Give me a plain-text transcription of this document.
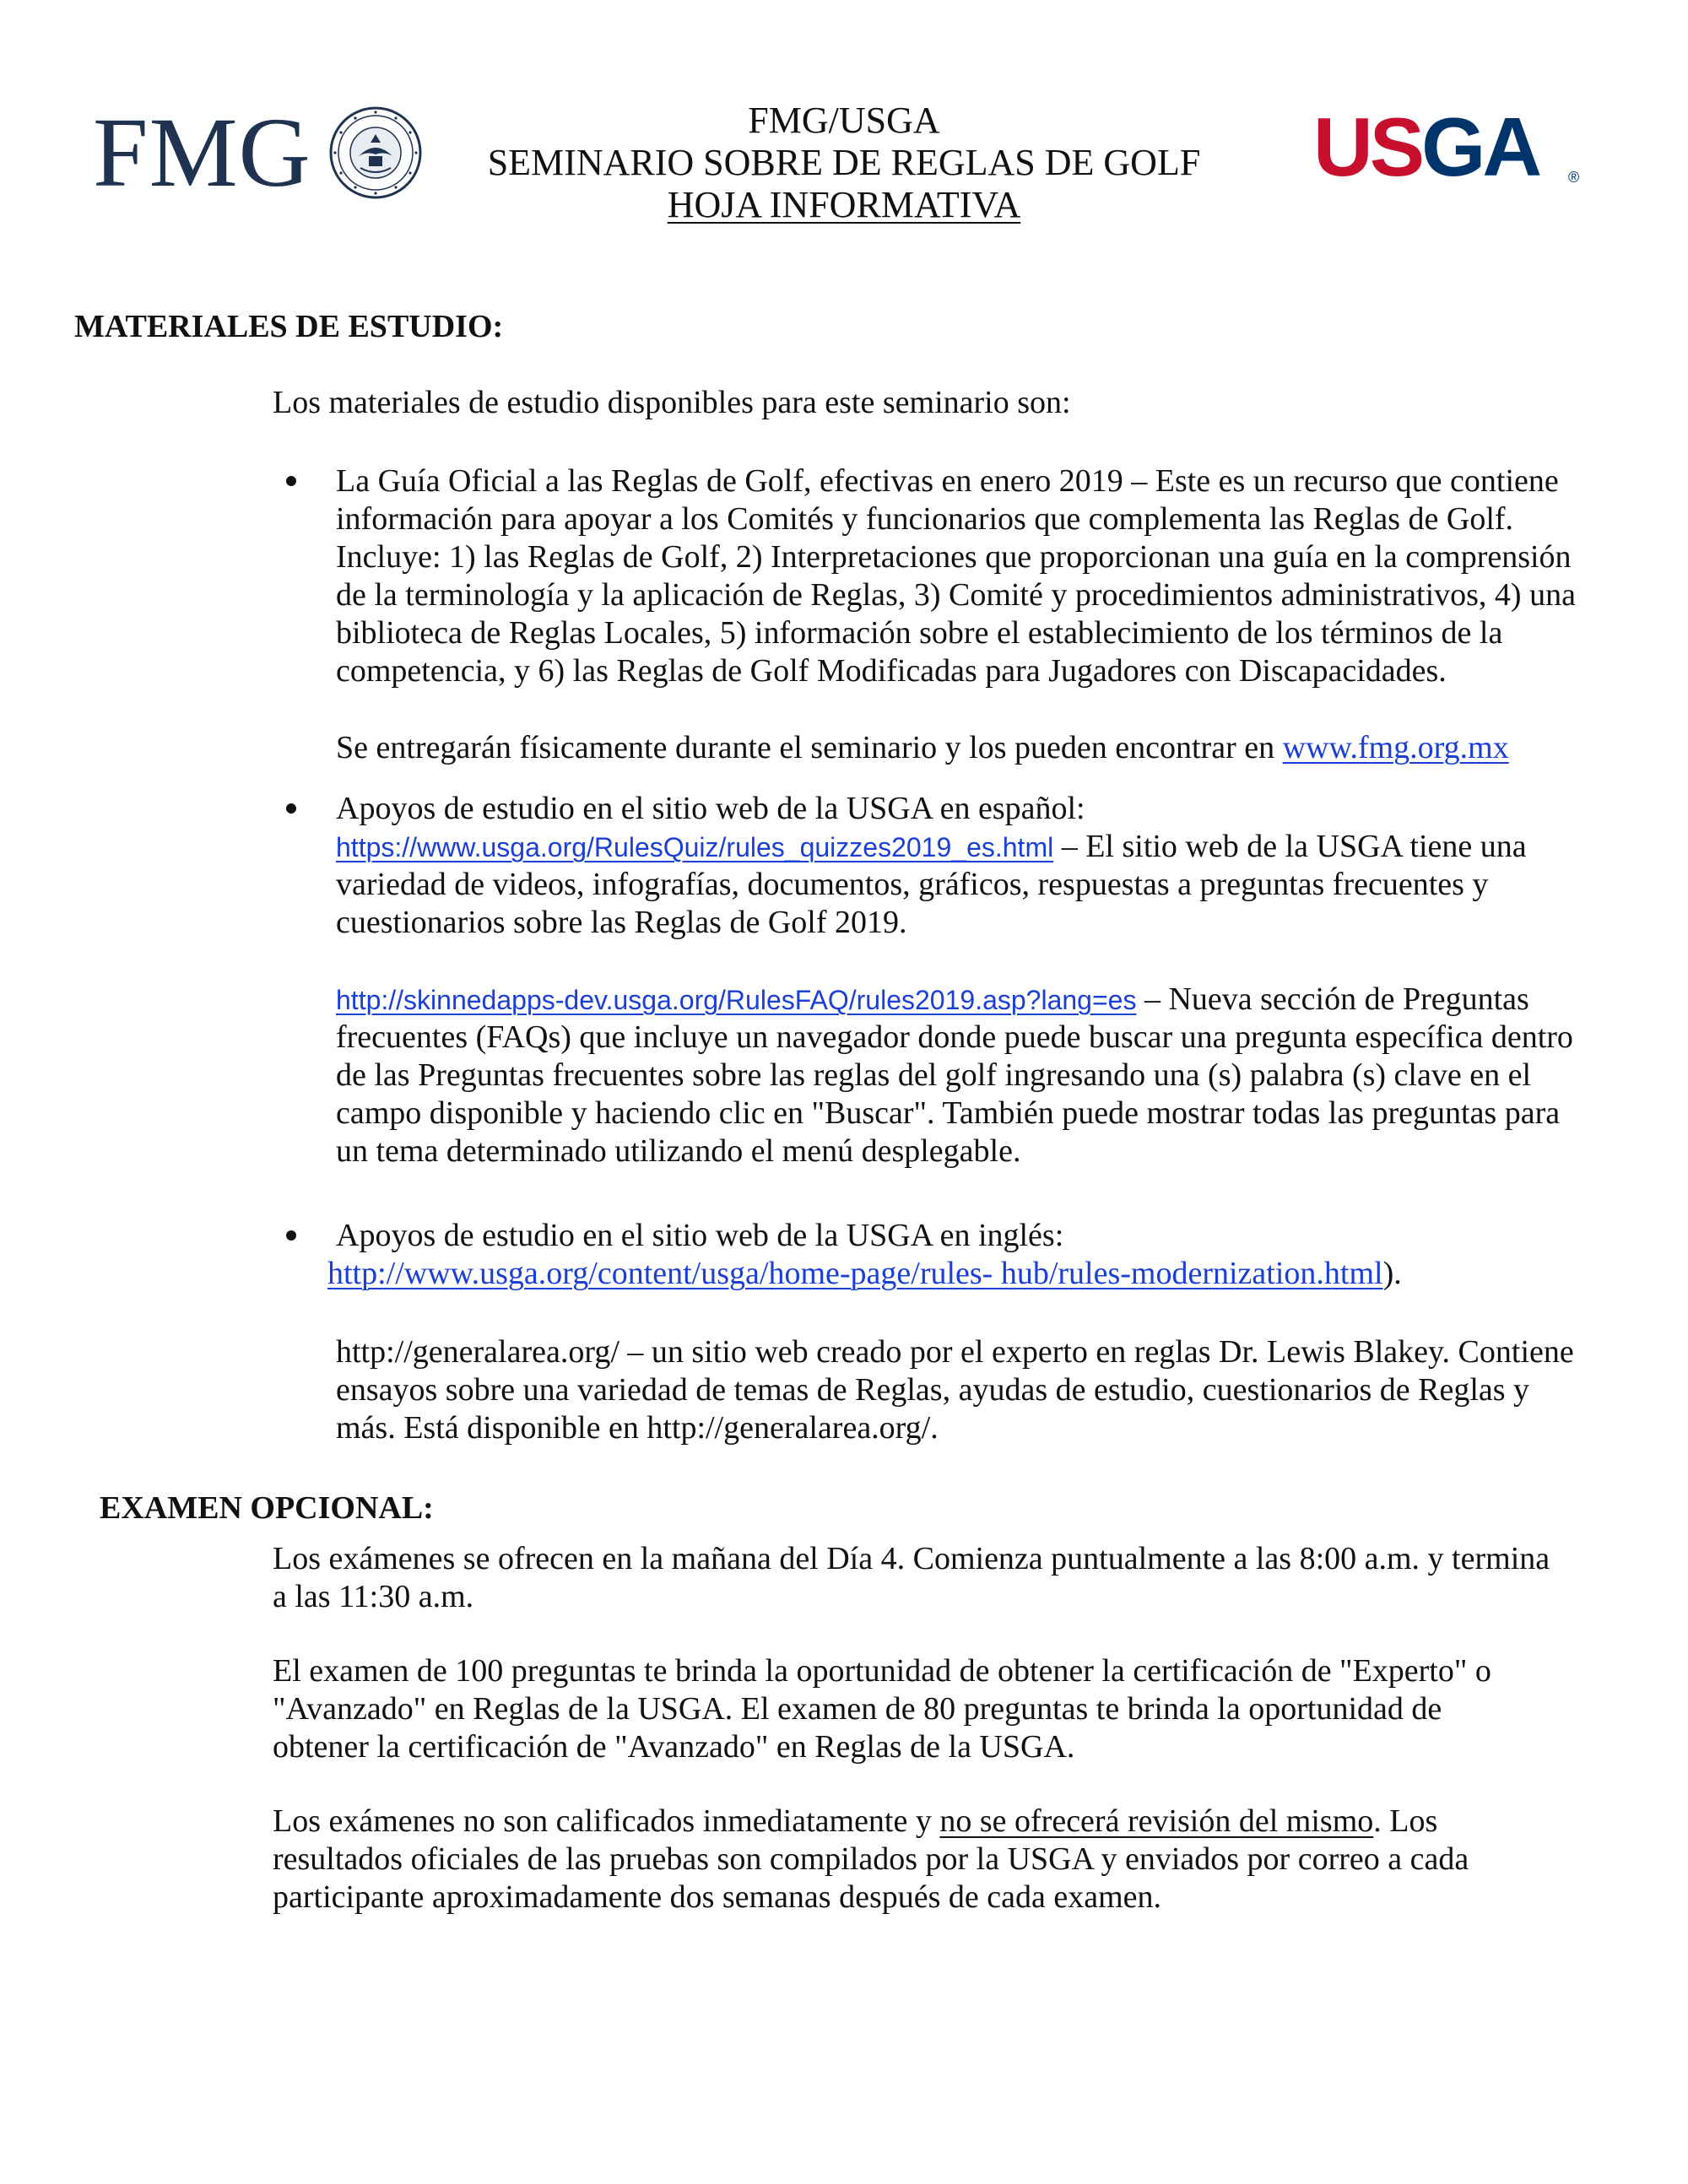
FMG	FMG/USGA
SEMINARIO SOBRE DE REGLAS DE GOLF
HOJA INFORMATIVA
USGA ®
MATERIALES DE ESTUDIO:
Los materiales de estudio disponibles para este seminario son:
La Guía Oficial a las Reglas de Golf, efectivas en enero 2019 – Este es un recurso que contiene
información para apoyar a los Comités y funcionarios que complementa las Reglas de Golf.
Incluye: 1) las Reglas de Golf, 2) Interpretaciones que proporcionan una guía en la comprensión
de la terminología y la aplicación de Reglas, 3) Comité y procedimientos administrativos, 4) una
biblioteca de Reglas Locales, 5) información sobre el establecimiento de los términos de la
competencia, y 6) las Reglas de Golf Modificadas para Jugadores con Discapacidades.
Se entregarán físicamente durante el seminario y los pueden encontrar en www.fmg.org.mx
Apoyos de estudio en el sitio web de la USGA en español:
https://www.usga.org/RulesQuiz/rules_quizzes2019_es.html – El sitio web de la USGA tiene una
variedad de videos, infografías, documentos, gráficos, respuestas a preguntas frecuentes y
cuestionarios sobre las Reglas de Golf 2019.
http://skinnedapps-dev.usga.org/RulesFAQ/rules2019.asp?lang=es – Nueva sección de Preguntas
frecuentes (FAQs) que incluye un navegador donde puede buscar una pregunta específica dentro
de las Preguntas frecuentes sobre las reglas del golf ingresando una (s) palabra (s) clave en el
campo disponible y haciendo clic en "Buscar". También puede mostrar todas las preguntas para
un tema determinado utilizando el menú desplegable.
Apoyos de estudio en el sitio web de la USGA en inglés:
http://www.usga.org/content/usga/home-page/rules- hub/rules-modernization.html).
http://generalarea.org/ – un sitio web creado por el experto en reglas Dr. Lewis Blakey. Contiene
ensayos sobre una variedad de temas de Reglas, ayudas de estudio, cuestionarios de Reglas y
más. Está disponible en http://generalarea.org/.
EXAMEN OPCIONAL:
Los exámenes se ofrecen en la mañana del Día 4. Comienza puntualmente a las 8:00 a.m. y termina
a las 11:30 a.m.
El examen de 100 preguntas te brinda la oportunidad de obtener la certificación de "Experto" o
"Avanzado" en Reglas de la USGA. El examen de 80 preguntas te brinda la oportunidad de
obtener la certificación de "Avanzado" en Reglas de la USGA.
Los exámenes no son calificados inmediatamente y no se ofrecerá revisión del mismo. Los
resultados oficiales de las pruebas son compilados por la USGA y enviados por correo a cada
participante aproximadamente dos semanas después de cada examen.
